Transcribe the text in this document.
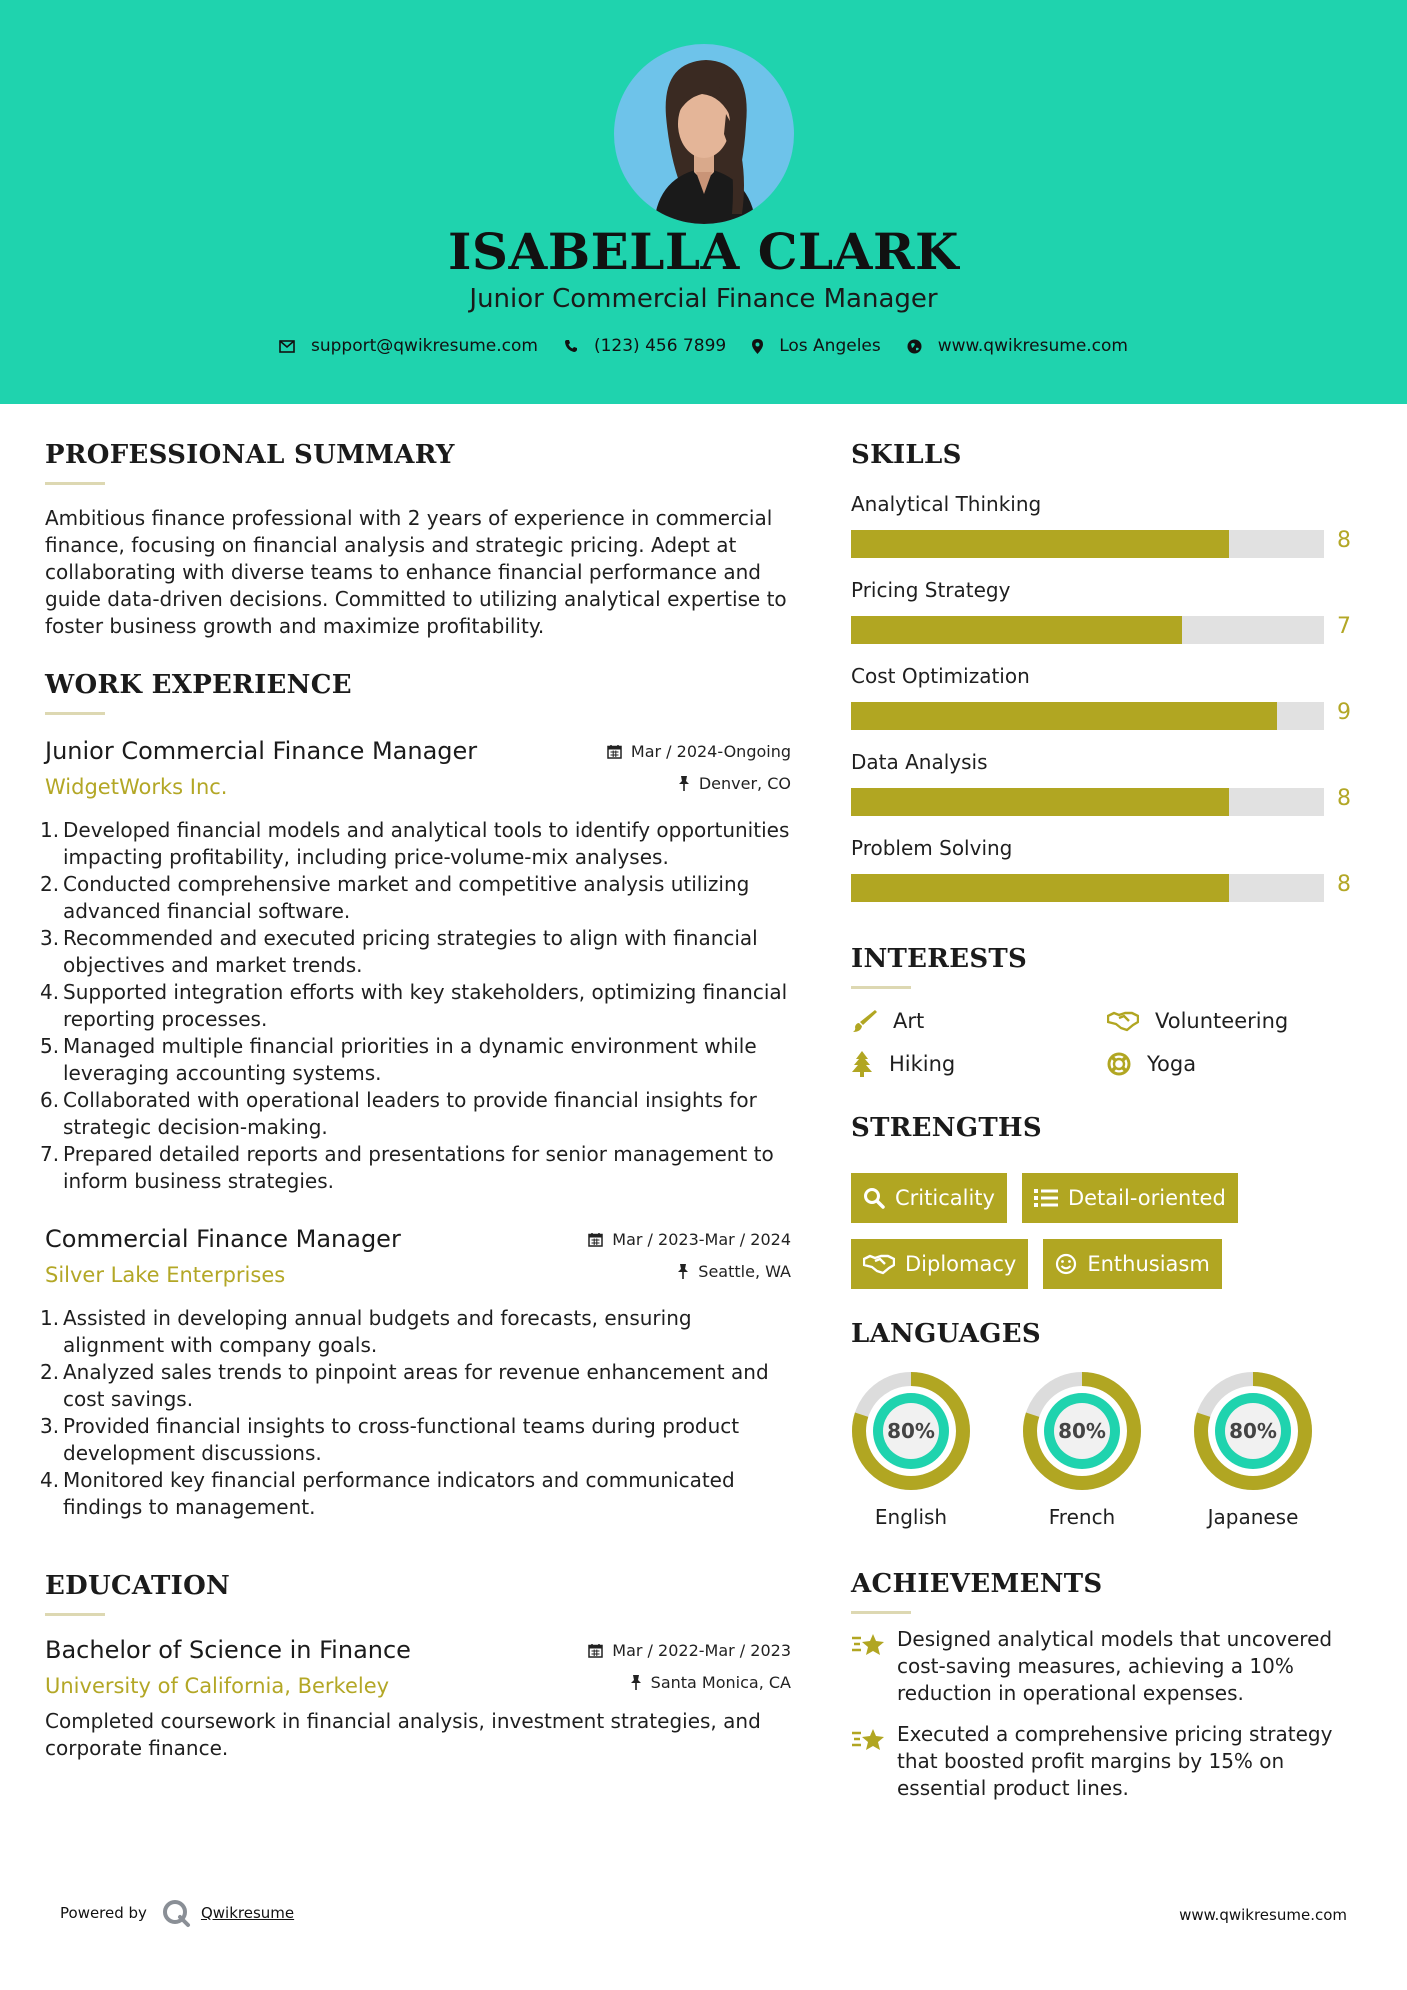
ISABELLA CLARK
Junior Commercial Finance Manager
support@qwikresume.com	(123) 456 7899	Los Angeles	www.qwikresume.com
PROFESSIONAL SUMMARY
Ambitious finance professional with 2 years of experience in commercial finance, focusing on financial analysis and strategic pricing. Adept at collaborating with diverse teams to enhance financial performance and guide data-driven decisions. Committed to utilizing analytical expertise to foster business growth and maximize profitability.
WORK EXPERIENCE
Junior Commercial Finance Manager
WidgetWorks Inc.
Mar / 2024-Ongoing
Denver, CO
1. Developed financial models and analytical tools to identify opportunities impacting profitability, including price-volume-mix analyses.
2. Conducted comprehensive market and competitive analysis utilizing advanced financial software.
3. Recommended and executed pricing strategies to align with financial objectives and market trends.
4. Supported integration efforts with key stakeholders, optimizing financial reporting processes.
5. Managed multiple financial priorities in a dynamic environment while leveraging accounting systems.
6. Collaborated with operational leaders to provide financial insights for strategic decision-making.
7. Prepared detailed reports and presentations for senior management to inform business strategies.
Commercial Finance Manager
Silver Lake Enterprises
Mar / 2023-Mar / 2024
Seattle, WA
1. Assisted in developing annual budgets and forecasts, ensuring alignment with company goals.
2. Analyzed sales trends to pinpoint areas for revenue enhancement and cost savings.
3. Provided financial insights to cross-functional teams during product development discussions.
4. Monitored key financial performance indicators and communicated findings to management.
EDUCATION
Bachelor of Science in Finance
University of California, Berkeley
Mar / 2022-Mar / 2023
Santa Monica, CA
Completed coursework in financial analysis, investment strategies, and corporate finance.
SKILLS
Analytical Thinking
8
Pricing Strategy
7
Cost Optimization
9
Data Analysis
8
Problem Solving
8
INTERESTS
Art	Volunteering
Hiking	Yoga
STRENGTHS
Criticality	Detail-oriented
Diplomacy	Enthusiasm
LANGUAGES
80%
English
80%
French
80%
Japanese
ACHIEVEMENTS
Designed analytical models that uncovered cost-saving measures, achieving a 10% reduction in operational expenses.
Executed a comprehensive pricing strategy that boosted profit margins by 15% on essential product lines.
Powered by	Qwikresume	www.qwikresume.com
